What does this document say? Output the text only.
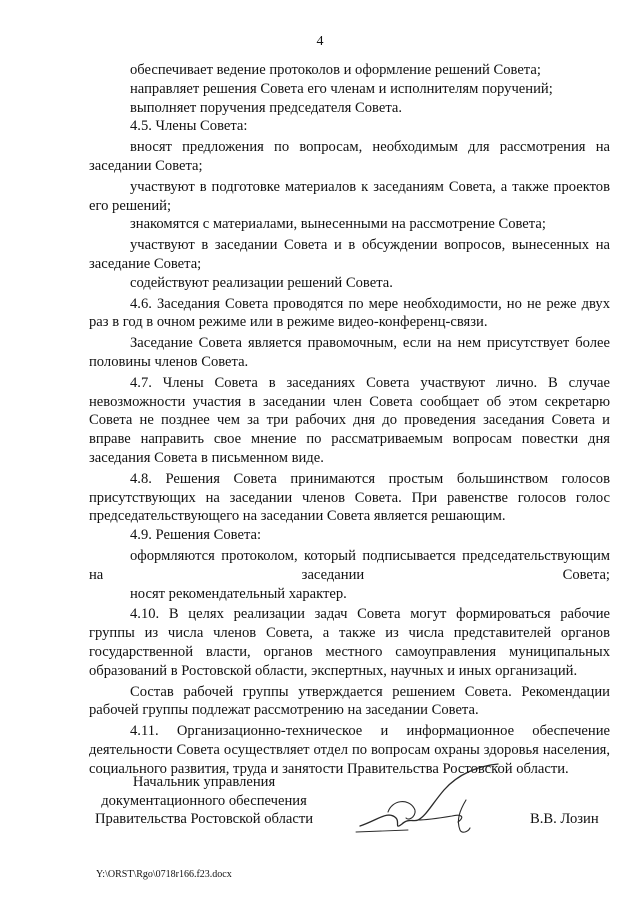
4

обеспечивает ведение протоколов и оформление решений Совета;

направляет решения Совета его членам и исполнителям поручений;

выполняет поручения председателя Совета.

4.5. Члены Совета:

вносят предложения по вопросам, необходимым для рассмотрения на заседании Совета;

участвуют в подготовке материалов к заседаниям Совета, а также проектов его решений;

знакомятся с материалами, вынесенными на рассмотрение Совета;

участвуют в заседании Совета и в обсуждении вопросов, вынесенных на заседание Совета;

содействуют реализации решений Совета.

4.6. Заседания Совета проводятся по мере необходимости, но не реже двух раз в год в очном режиме или в режиме видео-конференц-связи.

Заседание Совета является правомочным, если на нем присутствует более половины членов Совета.

4.7. Члены Совета в заседаниях Совета участвуют лично. В случае невозможности участия в заседании член Совета сообщает об этом секретарю Совета не позднее чем за три рабочих дня до проведения заседания Совета и вправе направить свое мнение по рассматриваемым вопросам повестки дня заседания Совета в письменном виде.

4.8. Решения Совета принимаются простым большинством голосов присутствующих на заседании членов Совета. При равенстве голосов голос председательствующего на заседании Совета является решающим.

4.9. Решения Совета:

оформляются протоколом, который подписывается председательствующим на заседании Совета;

носят рекомендательный характер.

4.10. В целях реализации задач Совета могут формироваться рабочие группы из числа членов Совета, а также из числа представителей органов государственной власти, органов местного самоуправления муниципальных образований в Ростовской области, экспертных, научных и иных организаций.

Состав рабочей группы утверждается решением Совета. Рекомендации рабочей группы подлежат рассмотрению на заседании Совета.

4.11. Организационно-техническое и информационное обеспечение деятельности Совета осуществляет отдел по вопросам охраны здоровья населения, социального развития, труда и занятости Правительства Ростовской области.

Начальник управления
документационного обеспечения
Правительства Ростовской области	В.В. Лозин
Y:\ORST\Rgo\0718r166.f23.docx
